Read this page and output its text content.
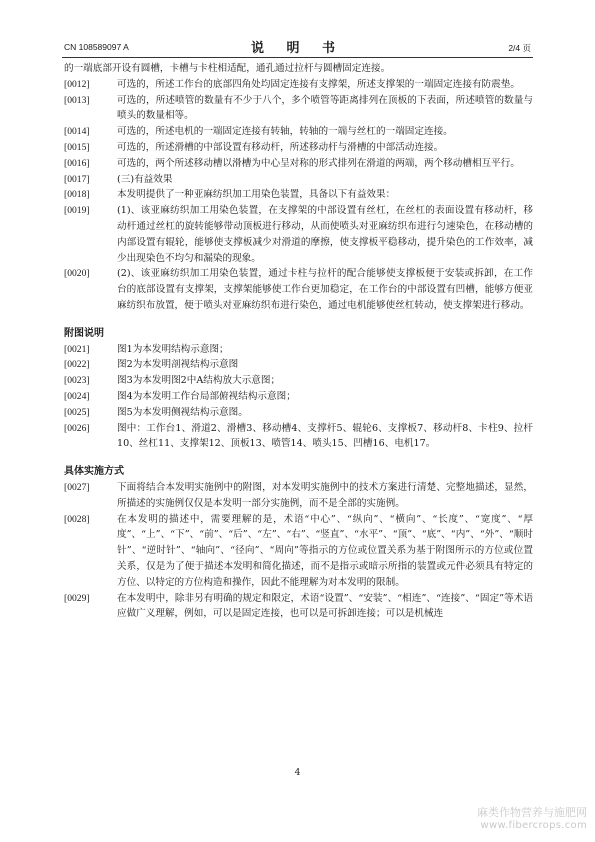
CN 108589097 A	说 明 书	2/4 页
的一端底部开设有圆槽，卡槽与卡柱相适配，通孔通过拉杆与圆槽固定连接。
[0012]	可选的，所述工作台的底部四角处均固定连接有支撑架，所述支撑架的一端固定连接有防震垫。
[0013]	可选的，所述喷管的数量有不少于八个，多个喷管等距离排列在顶板的下表面，所述喷管的数量与喷头的数量相等。
[0014]	可选的，所述电机的一端固定连接有转轴，转轴的一端与丝杠的一端固定连接。
[0015]	可选的，所述滑槽的中部设置有移动杆，所述移动杆与滑槽的中部活动连接。
[0016]	可选的，两个所述移动槽以滑槽为中心呈对称的形式排列在滑道的两端，两个移动槽相互平行。
[0017]	(三)有益效果
[0018]	本发明提供了一种亚麻纺织加工用染色装置，具备以下有益效果：
[0019]	(1)、该亚麻纺织加工用染色装置，在支撑架的中部设置有丝杠，在丝杠的表面设置有移动杆，移动杆通过丝杠的旋转能够带动顶板进行移动，从而使喷头对亚麻纺织布进行匀速染色，在移动槽的内部设置有辊轮，能够使支撑板减少对滑道的摩擦，使支撑板平稳移动，提升染色的工作效率，减少出现染色不均匀和漏染的现象。
[0020]	(2)、该亚麻纺织加工用染色装置，通过卡柱与拉杆的配合能够使支撑板便于安装或拆卸，在工作台的底部设置有支撑架，支撑架能够使工作台更加稳定，在工作台的中部设置有凹槽，能够方便亚麻纺织布放置，便于喷头对亚麻纺织布进行染色，通过电机能够使丝杠转动，使支撑架进行移动。
附图说明
[0021]	图1为本发明结构示意图；
[0022]	图2为本发明剖视结构示意图
[0023]	图3为本发明图2中A结构放大示意图；
[0024]	图4为本发明工作台局部俯视结构示意图；
[0025]	图5为本发明侧视结构示意图。
[0026]	图中：工作台1、滑道2、滑槽3、移动槽4、支撑杆5、辊轮6、支撑板7、移动杆8、卡柱9、拉杆10、丝杠11、支撑架12、顶板13、喷管14、喷头15、凹槽16、电机17。
具体实施方式
[0027]	下面将结合本发明实施例中的附图，对本发明实施例中的技术方案进行清楚、完整地描述，显然，所描述的实施例仅仅是本发明一部分实施例，而不是全部的实施例。
[0028]	在本发明的描述中，需要理解的是，术语“中心”、“纵向”、“横向”、“长度”、“宽度”、“厚度”、“上”、“下”、“前”、“后”、“左”、“右”、“竖直”、“水平”、“顶”、“底”、“内”、“外”、“顺时针”、“逆时针”、“轴向”、“径向”、“周向”等指示的方位或位置关系为基于附图所示的方位或位置关系，仅是为了便于描述本发明和简化描述，而不是指示或暗示所指的装置或元件必须具有特定的方位、以特定的方位构造和操作，因此不能理解为对本发明的限制。
[0029]	在本发明中，除非另有明确的规定和限定，术语“设置”、“安装”、“相连”、“连接”、“固定”等术语应做广义理解，例如，可以是固定连接，也可以是可拆卸连接；可以是机械连
4
麻类作物营养与施肥网
www.fibercrops.com
